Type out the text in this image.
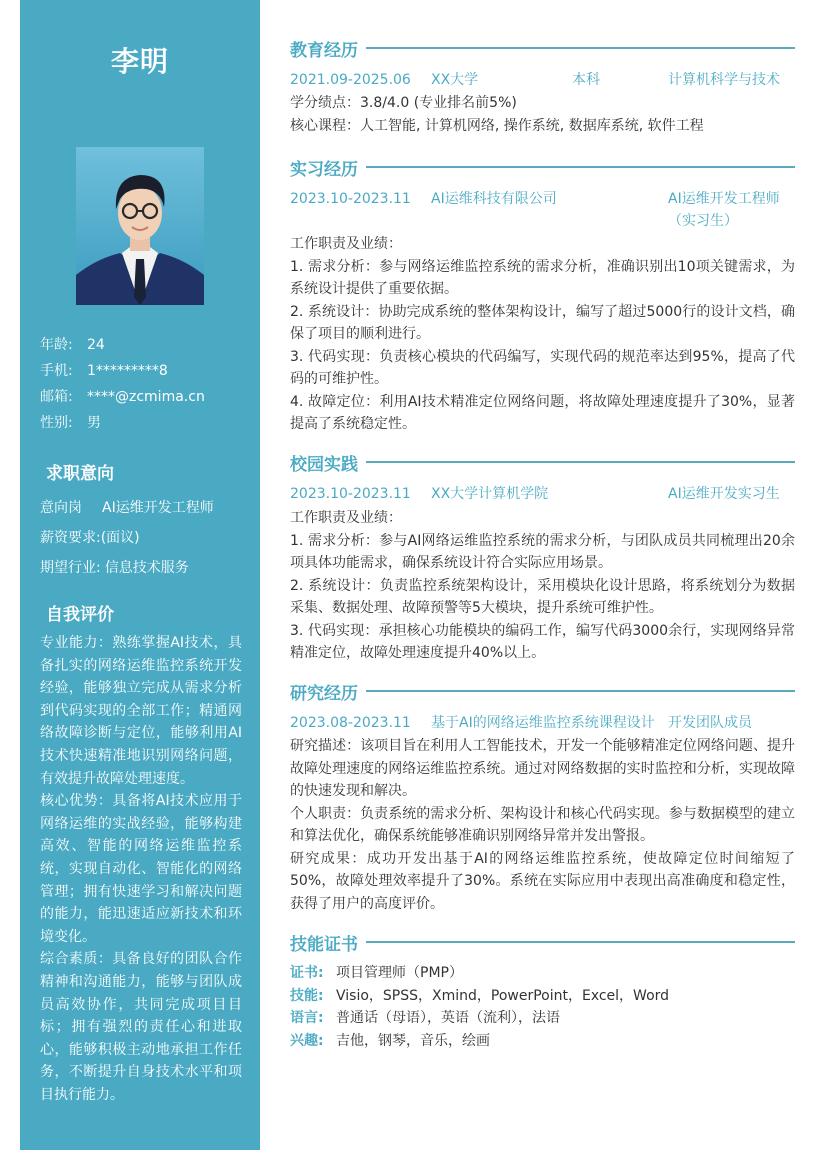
李明
年龄:	24
手机:	1*********8
邮箱:	****@zcmima.cn
性别:	男
求职意向
意向岗	AI运维开发工程师
薪资要求:(面议)
期望行业: 信息技术服务
自我评价
专业能力：熟练掌握AI技术，具备扎实的网络运维监控系统开发经验，能够独立完成从需求分析到代码实现的全部工作；精通网络故障诊断与定位，能够利用AI技术快速精准地识别网络问题，有效提升故障处理速度。
核心优势：具备将AI技术应用于网络运维的实战经验，能够构建高效、智能的网络运维监控系统，实现自动化、智能化的网络管理；拥有快速学习和解决问题的能力，能迅速适应新技术和环境变化。
综合素质：具备良好的团队合作精神和沟通能力，能够与团队成员高效协作，共同完成项目目标；拥有强烈的责任心和进取心，能够积极主动地承担工作任务，不断提升自身技术水平和项目执行能力。
教育经历
2021.09-2025.06 XX大学	本科	计算机科学与技术
学分绩点：3.8/4.0 (专业排名前5%)
核心课程：人工智能, 计算机网络, 操作系统, 数据库系统, 软件工程
实习经历
2023.10-2023.11 AI运维科技有限公司	AI运维开发工程师
（实习生）
工作职责及业绩：
1. 需求分析：参与网络运维监控系统的需求分析，准确识别出10项关键需求，为系统设计提供了重要依据。
2. 系统设计：协助完成系统的整体架构设计，编写了超过5000行的设计文档，确保了项目的顺利进行。
3. 代码实现：负责核心模块的代码编写，实现代码的规范率达到95%，提高了代码的可维护性。
4. 故障定位：利用AI技术精准定位网络问题，将故障处理速度提升了30%，显著提高了系统稳定性。
校园实践
2023.10-2023.11 XX大学计算机学院	AI运维开发实习生
工作职责及业绩：
1. 需求分析：参与AI网络运维监控系统的需求分析，与团队成员共同梳理出20余项具体功能需求，确保系统设计符合实际应用场景。
2. 系统设计：负责监控系统架构设计，采用模块化设计思路，将系统划分为数据采集、数据处理、故障预警等5大模块，提升系统可维护性。
3. 代码实现：承担核心功能模块的编码工作，编写代码3000余行，实现网络异常精准定位，故障处理速度提升40%以上。
研究经历
2023.08-2023.11 基于AI的网络运维监控系统课程设计 开发团队成员
研究描述：该项目旨在利用人工智能技术，开发一个能够精准定位网络问题、提升故障处理速度的网络运维监控系统。通过对网络数据的实时监控和分析，实现故障的快速发现和解决。
个人职责：负责系统的需求分析、架构设计和核心代码实现。参与数据模型的建立和算法优化，确保系统能够准确识别网络异常并发出警报。
研究成果：成功开发出基于AI的网络运维监控系统，使故障定位时间缩短了50%，故障处理效率提升了30%。系统在实际应用中表现出高准确度和稳定性，获得了用户的高度评价。
技能证书
证书: 项目管理师（PMP）
技能: Visio，SPSS，Xmind，PowerPoint，Excel，Word
语言: 普通话（母语），英语（流利），法语
兴趣: 吉他，钢琴，音乐，绘画
